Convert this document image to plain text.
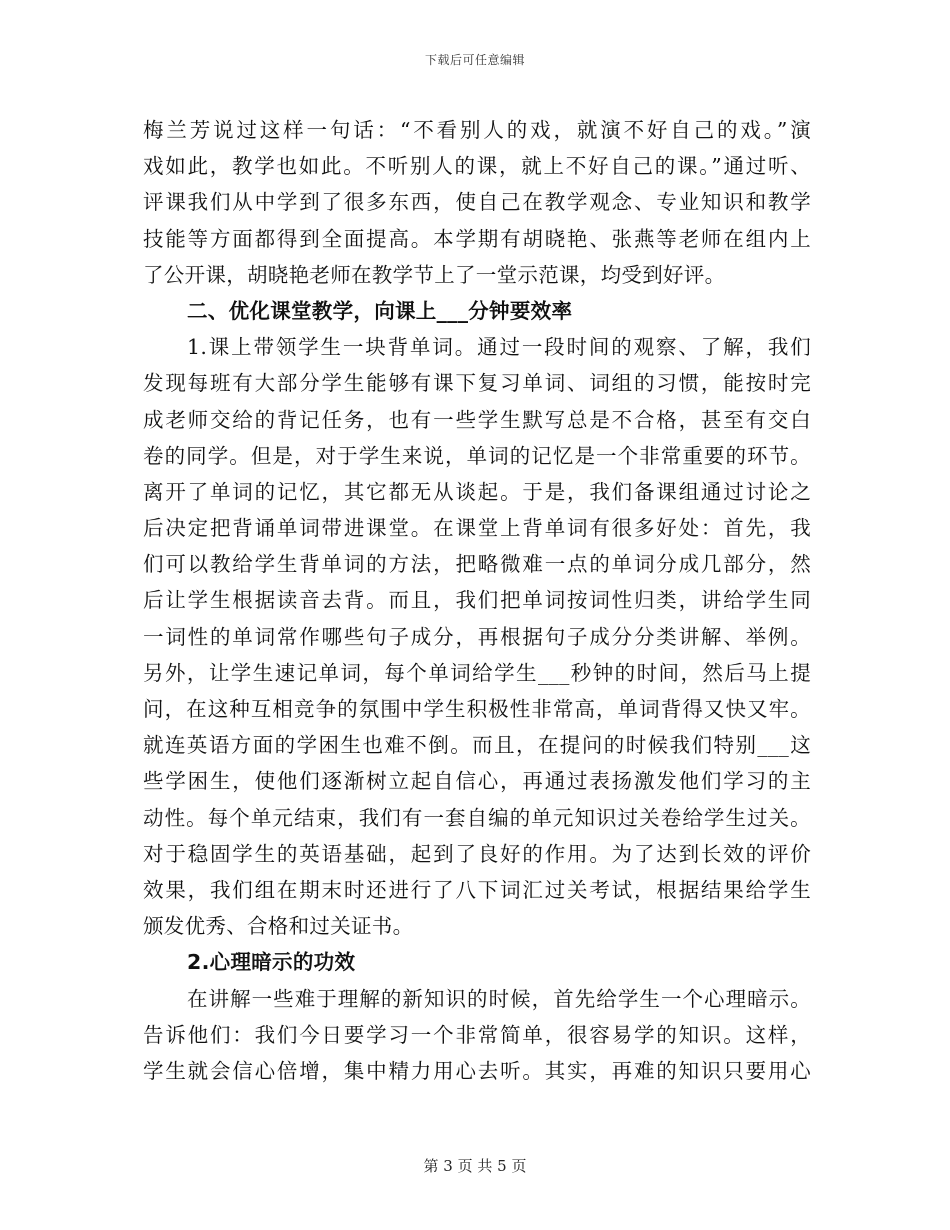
下载后可任意编辑
梅兰芳说过这样一句话：“不看别人的戏，就演不好自己的戏。”演
戏如此，教学也如此。不听别人的课，就上不好自己的课。”通过听、
评课我们从中学到了很多东西，使自己在教学观念、专业知识和教学
技能等方面都得到全面提高。本学期有胡晓艳、张燕等老师在组内上
了公开课，胡晓艳老师在教学节上了一堂示范课，均受到好评。
二、优化课堂教学，向课上___分钟要效率
1.课上带领学生一块背单词。通过一段时间的观察、了解，我们
发现每班有大部分学生能够有课下复习单词、词组的习惯，能按时完
成老师交给的背记任务，也有一些学生默写总是不合格，甚至有交白
卷的同学。但是，对于学生来说，单词的记忆是一个非常重要的环节。
离开了单词的记忆，其它都无从谈起。于是，我们备课组通过讨论之
后决定把背诵单词带进课堂。在课堂上背单词有很多好处：首先，我
们可以教给学生背单词的方法，把略微难一点的单词分成几部分，然
后让学生根据读音去背。而且，我们把单词按词性归类，讲给学生同
一词性的单词常作哪些句子成分，再根据句子成分分类讲解、举例。
另外，让学生速记单词，每个单词给学生___秒钟的时间，然后马上提
问，在这种互相竞争的氛围中学生积极性非常高，单词背得又快又牢。
就连英语方面的学困生也难不倒。而且，在提问的时候我们特别___这
些学困生，使他们逐渐树立起自信心，再通过表扬激发他们学习的主
动性。每个单元结束，我们有一套自编的单元知识过关卷给学生过关。
对于稳固学生的英语基础，起到了良好的作用。为了达到长效的评价
效果，我们组在期末时还进行了八下词汇过关考试，根据结果给学生
颁发优秀、合格和过关证书。
2.心理暗示的功效
在讲解一些难于理解的新知识的时候，首先给学生一个心理暗示。
告诉他们：我们今日要学习一个非常简单，很容易学的知识。这样，
学生就会信心倍增，集中精力用心去听。其实，再难的知识只要用心
第 3 页 共 5 页
